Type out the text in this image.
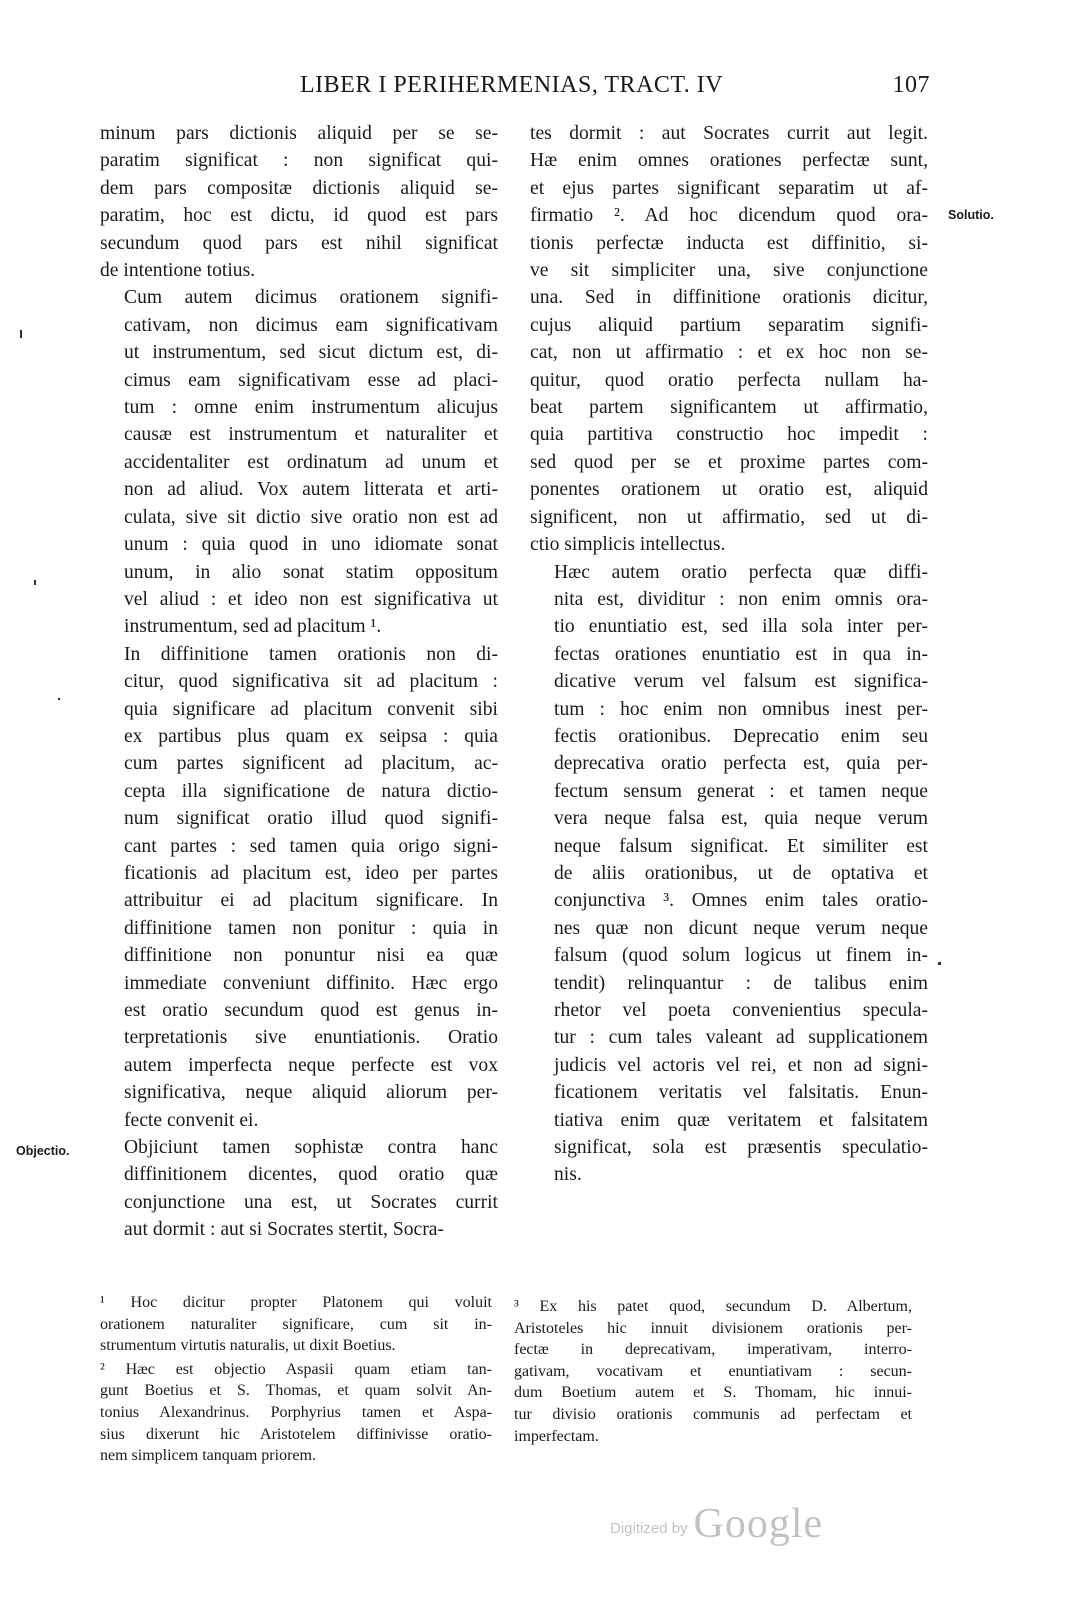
LIBER I PERIHERMENIAS, TRACT. IV	107

minum pars dictionis aliquid per se se-
paratim significat : non significat qui-
dem pars compositæ dictionis aliquid se-
paratim, hoc est dictu, id quod est pars
secundum quod pars est nihil significat
de intentione totius.

Cum autem dicimus orationem signifi-
cativam, non dicimus eam significativam
ut instrumentum, sed sicut dictum est, di-
cimus eam significativam esse ad placi-
tum : omne enim instrumentum alicujus
causæ est instrumentum et naturaliter et
accidentaliter est ordinatum ad unum et
non ad aliud. Vox autem litterata et arti-
culata, sive sit dictio sive oratio non est ad
unum : quia quod in uno idiomate sonat
unum, in alio sonat statim oppositum
vel aliud : et ideo non est significativa ut
instrumentum, sed ad placitum ¹.

In diffinitione tamen orationis non di-
citur, quod significativa sit ad placitum :
quia significare ad placitum convenit sibi
ex partibus plus quam ex seipsa : quia
cum partes significent ad placitum, ac-
cepta illa significatione de natura dictio-
num significat oratio illud quod signifi-
cant partes : sed tamen quia origo signi-
ficationis ad placitum est, ideo per partes
attribuitur ei ad placitum significare. In
diffinitione tamen non ponitur : quia in
diffinitione non ponuntur nisi ea quæ
immediate conveniunt diffinito. Hæc ergo
est oratio secundum quod est genus in-
terpretationis sive enuntiationis. Oratio
autem imperfecta neque perfecte est vox
significativa, neque aliquid aliorum per-
fecte convenit ei.

Objiciunt tamen sophistæ contra hanc
diffinitionem dicentes, quod oratio quæ
conjunctione una est, ut Socrates currit
aut dormit : aut si Socrates stertit, Socra-

tes dormit : aut Socrates currit aut legit.
Hæ enim omnes orationes perfectæ sunt,
et ejus partes significant separatim ut af-
firmatio ². Ad hoc dicendum quod ora-
tionis perfectæ inducta est diffinitio, si-
ve sit simpliciter una, sive conjunctione
una. Sed in diffinitione orationis dicitur,
cujus aliquid partium separatim signifi-
cat, non ut affirmatio : et ex hoc non se-
quitur, quod oratio perfecta nullam ha-
beat partem significantem ut affirmatio,
quia partitiva constructio hoc impedit :
sed quod per se et proxime partes com-
ponentes orationem ut oratio est, aliquid
significent, non ut affirmatio, sed ut di-
ctio simplicis intellectus.

Hæc autem oratio perfecta quæ diffi-
nita est, dividitur : non enim omnis ora-
tio enuntiatio est, sed illa sola inter per-
fectas orationes enuntiatio est in qua in-
dicative verum vel falsum est significa-
tum : hoc enim non omnibus inest per-
fectis orationibus. Deprecatio enim seu
deprecativa oratio perfecta est, quia per-
fectum sensum generat : et tamen neque
vera neque falsa est, quia neque verum
neque falsum significat. Et similiter est
de aliis orationibus, ut de optativa et
conjunctiva ³. Omnes enim tales oratio-
nes quæ non dicunt neque verum neque
falsum (quod solum logicus ut finem in-
tendit) relinquantur : de talibus enim
rhetor vel poeta convenientius specula-
tur : cum tales valeant ad supplicationem
judicis vel actoris vel rei, et non ad signi-
ficationem veritatis vel falsitatis. Enun-
tiativa enim quæ veritatem et falsitatem
significat, sola est præsentis speculatio-
nis.

Objectio.
Solutio.

¹ Hoc dicitur propter Platonem qui voluit
orationem naturaliter significare, cum sit in-
strumentum virtutis naturalis, ut dixit Boetius.

² Hæc est objectio Aspasii quam etiam tan-
gunt Boetius et S. Thomas, et quam solvit An-
tonius Alexandrinus. Porphyrius tamen et Aspa-
sius dixerunt hic Aristotelem diffinivisse oratio-
nem simplicem tanquam priorem.

³ Ex his patet quod, secundum D. Albertum,
Aristoteles hic innuit divisionem orationis per-
fectæ in deprecativam, imperativam, interro-
gativam, vocativam et enuntiativam : secun-
dum Boetium autem et S. Thomam, hic innui-
tur divisio orationis communis ad perfectam et
imperfectam.

Digitized by Google
